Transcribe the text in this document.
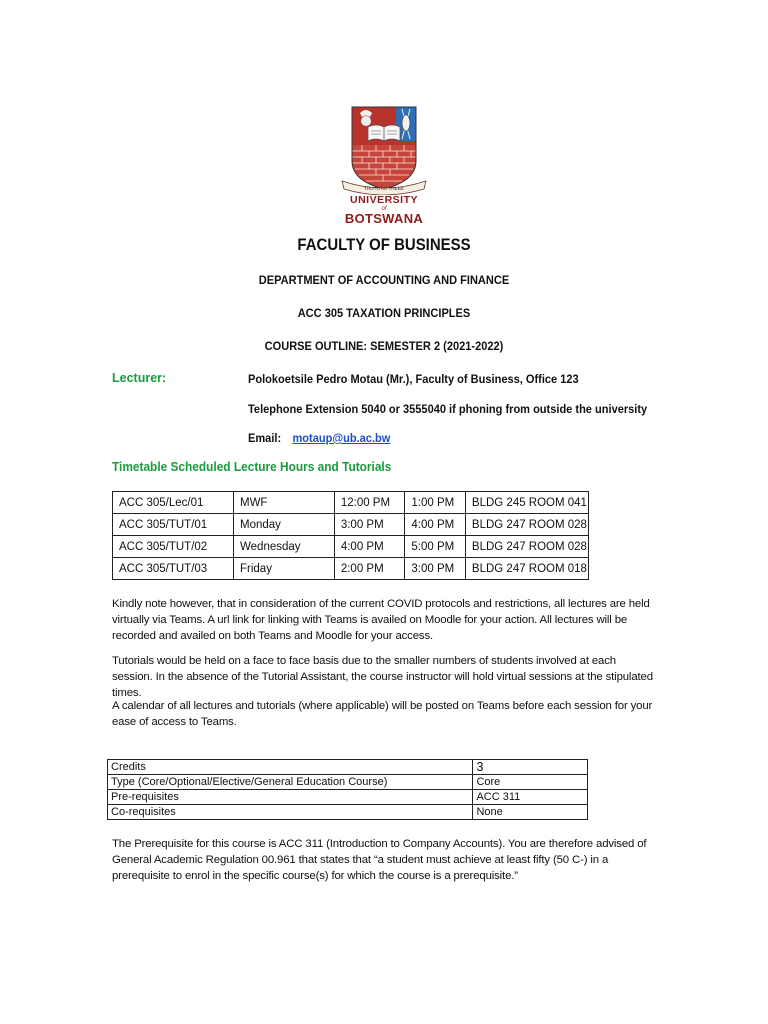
THUTO KE THEBE
UNIVERSITY
of
BOTSWANA
FACULTY OF BUSINESS
DEPARTMENT OF ACCOUNTING AND FINANCE
ACC 305 TAXATION PRINCIPLES
COURSE OUTLINE: SEMESTER 2 (2021-2022)
Lecturer:	Polokoetsile Pedro Motau (Mr.), Faculty of Business, Office 123
Telephone Extension 5040 or 3555040 if phoning from outside the university
Email: motaup@ub.ac.bw
Timetable Scheduled Lecture Hours and Tutorials
ACC 305/Lec/01	MWF	12:00 PM	1:00 PM	BLDG 245 ROOM 041
ACC 305/TUT/01	Monday	3:00 PM	4:00 PM	BLDG 247 ROOM 028
ACC 305/TUT/02	Wednesday	4:00 PM	5:00 PM	BLDG 247 ROOM 028
ACC 305/TUT/03	Friday	2:00 PM	3:00 PM	BLDG 247 ROOM 018

Kindly note however, that in consideration of the current COVID protocols and restrictions, all lectures are held virtually via Teams. A url link for linking with Teams is availed on Moodle for your action. All lectures will be recorded and availed on both Teams and Moodle for your access.

Tutorials would be held on a face to face basis due to the smaller numbers of students involved at each session. In the absence of the Tutorial Assistant, the course instructor will hold virtual sessions at the stipulated times.

A calendar of all lectures and tutorials (where applicable) will be posted on Teams before each session for your ease of access to Teams.

Credits	3
Type (Core/Optional/Elective/General Education Course)	Core
Pre-requisites	ACC 311
Co-requisites	None

The Prerequisite for this course is ACC 311 (Introduction to Company Accounts). You are therefore advised of General Academic Regulation 00.961 that states that “a student must achieve at least fifty (50 C-) in a prerequisite to enrol in the specific course(s) for which the course is a prerequisite.”
